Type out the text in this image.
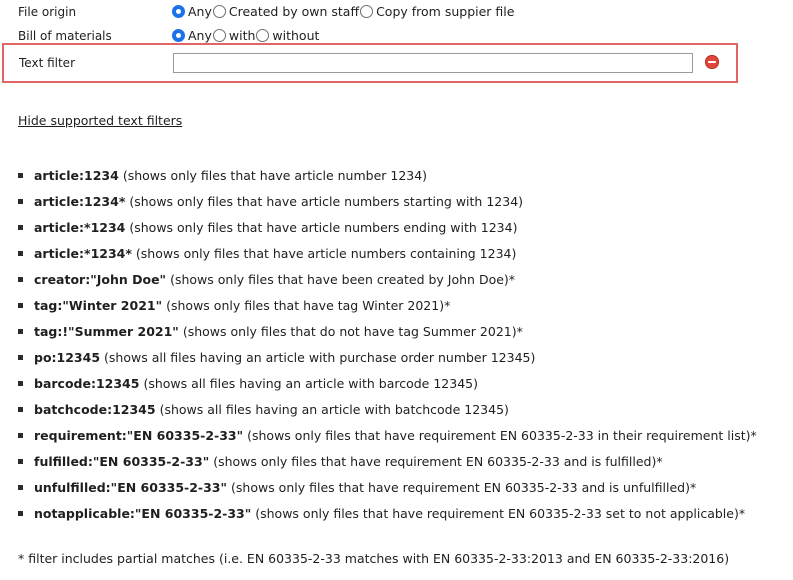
File origin	Any Created by own staff Copy from suppier file
Bill of materials	Any with without
Text filter
Hide supported text filters
article:1234 (shows only files that have article number 1234)
article:1234* (shows only files that have article numbers starting with 1234)
article:*1234 (shows only files that have article numbers ending with 1234)
article:*1234* (shows only files that have article numbers containing 1234)
creator:"John Doe" (shows only files that have been created by John Doe)*
tag:"Winter 2021" (shows only files that have tag Winter 2021)*
tag:!"Summer 2021" (shows only files that do not have tag Summer 2021)*
po:12345 (shows all files having an article with purchase order number 12345)
barcode:12345 (shows all files having an article with barcode 12345)
batchcode:12345 (shows all files having an article with batchcode 12345)
requirement:"EN 60335-2-33" (shows only files that have requirement EN 60335-2-33 in their requirement list)*
fulfilled:"EN 60335-2-33" (shows only files that have requirement EN 60335-2-33 and is fulfilled)*
unfulfilled:"EN 60335-2-33" (shows only files that have requirement EN 60335-2-33 and is unfulfilled)*
notapplicable:"EN 60335-2-33" (shows only files that have requirement EN 60335-2-33 set to not applicable)*
* filter includes partial matches (i.e. EN 60335-2-33 matches with EN 60335-2-33:2013 and EN 60335-2-33:2016)
